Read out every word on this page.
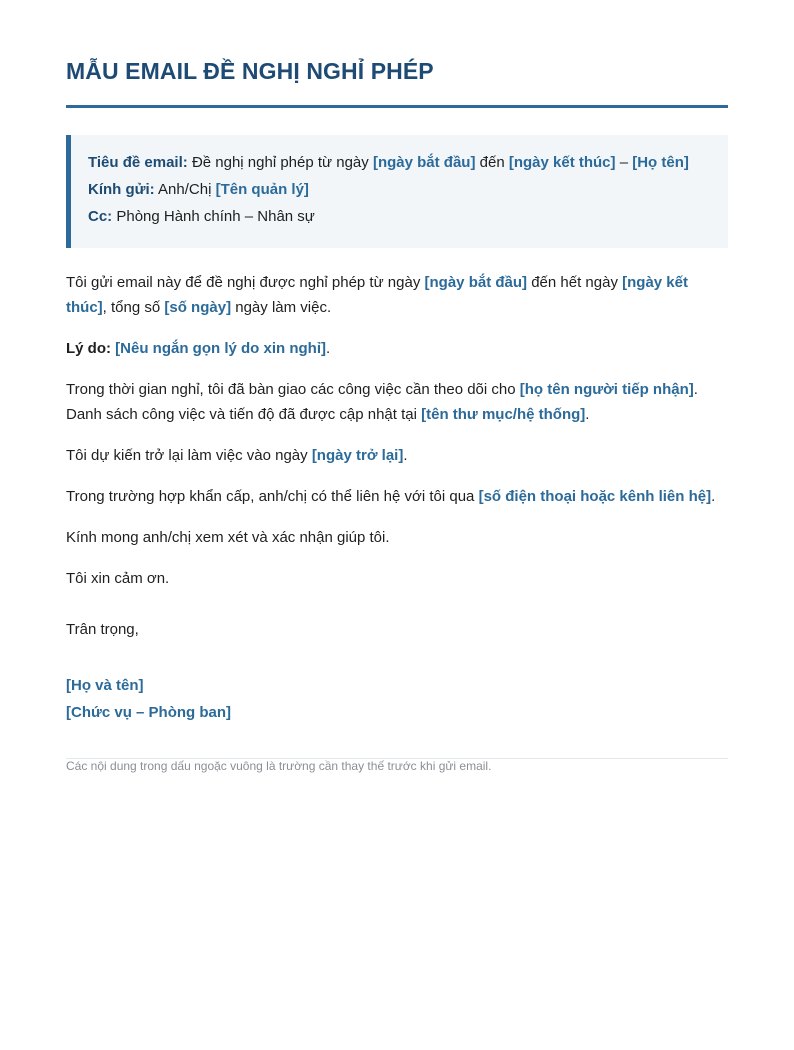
MẪU EMAIL ĐỀ NGHỊ NGHỈ PHÉP

Tiêu đề email: Đề nghị nghỉ phép từ ngày [ngày bắt đầu] đến [ngày kết thúc] – [Họ tên]

Kính gửi: Anh/Chị [Tên quản lý]

Cc: Phòng Hành chính – Nhân sự

Tôi gửi email này để đề nghị được nghỉ phép từ ngày [ngày bắt đầu] đến hết ngày [ngày kết thúc], tổng số [số ngày] ngày làm việc.

Lý do: [Nêu ngắn gọn lý do xin nghỉ].

Trong thời gian nghỉ, tôi đã bàn giao các công việc cần theo dõi cho [họ tên người tiếp nhận]. Danh sách công việc và tiến độ đã được cập nhật tại [tên thư mục/hệ thống].

Tôi dự kiến trở lại làm việc vào ngày [ngày trở lại].

Trong trường hợp khẩn cấp, anh/chị có thể liên hệ với tôi qua [số điện thoại hoặc kênh liên hệ].

Kính mong anh/chị xem xét và xác nhận giúp tôi.

Tôi xin cảm ơn.

Trân trọng,
[Họ và tên]
[Chức vụ – Phòng ban]
Các nội dung trong dấu ngoặc vuông là trường cần thay thế trước khi gửi email.
